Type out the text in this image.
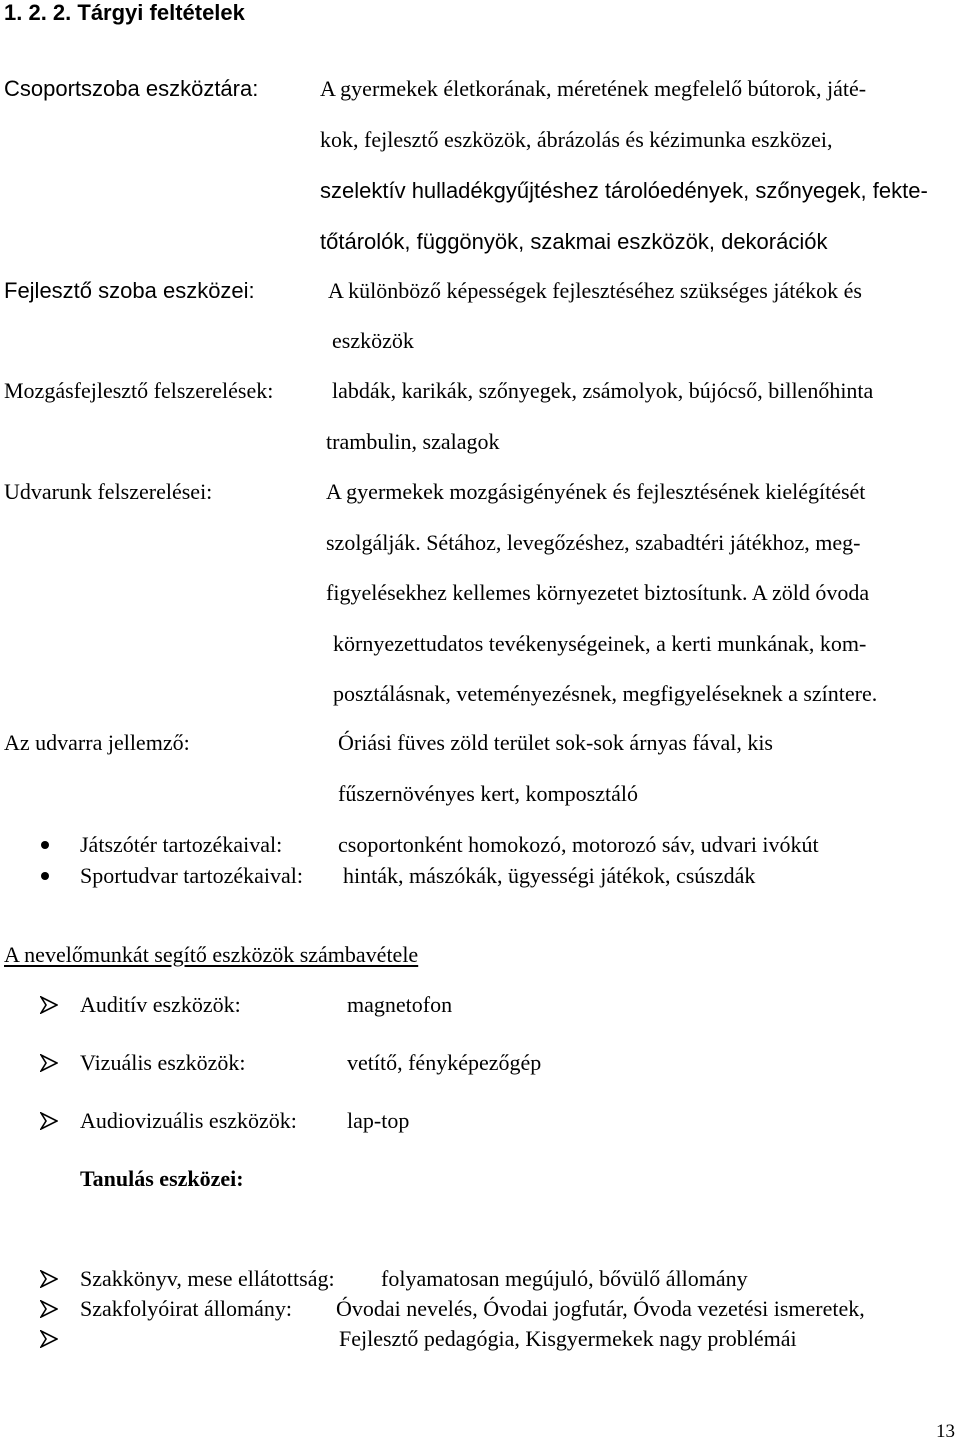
1. 2. 2. Tárgyi feltételek
Csoportszoba eszköztára:	A gyermekek életkorának, méretének megfelelő bútorok, játé-
kok, fejlesztő eszközök, ábrázolás és kézimunka eszközei,
szelektív hulladékgyűjtéshez tárolóedények, szőnyegek, fekte-
tőtárolók, függönyök, szakmai eszközök, dekorációk
Fejlesztő szoba eszközei:	A különböző képességek fejlesztéséhez szükséges játékok és
eszközök
Mozgásfejlesztő felszerelések:	labdák, karikák, szőnyegek, zsámolyok, bújócső, billenőhinta
trambulin, szalagok
Udvarunk felszerelései:	A gyermekek mozgásigényének és fejlesztésének kielégítését
szolgálják. Sétához, levegőzéshez, szabadtéri játékhoz, meg-
figyelésekhez kellemes környezetet biztosítunk. A zöld óvoda
környezettudatos tevékenységeinek, a kerti munkának, kom-
posztálásnak, veteményezésnek, megfigyeléseknek a színtere.
Az udvarra jellemző:	Óriási füves zöld terület sok-sok árnyas fával, kis
fűszernövényes kert, komposztáló
Játszótér tartozékaival:	csoportonként homokozó, motorozó sáv, udvari ivókút
Sportudvar tartozékaival: hinták, mászókák, ügyességi játékok, csúszdák
A nevelőmunkát segítő eszközök számbavétele
Auditív eszközök:	magnetofon
Vizuális eszközök:	vetítő, fényképezőgép
Audiovizuális eszközök: lap-top
Tanulás eszközei:
Szakkönyv, mese ellátottság: folyamatosan megújuló, bővülő állomány
Szakfolyóirat állomány: Óvodai nevelés, Óvodai jogfutár, Óvoda vezetési ismeretek,
Fejlesztő pedagógia, Kisgyermekek nagy problémái
13
